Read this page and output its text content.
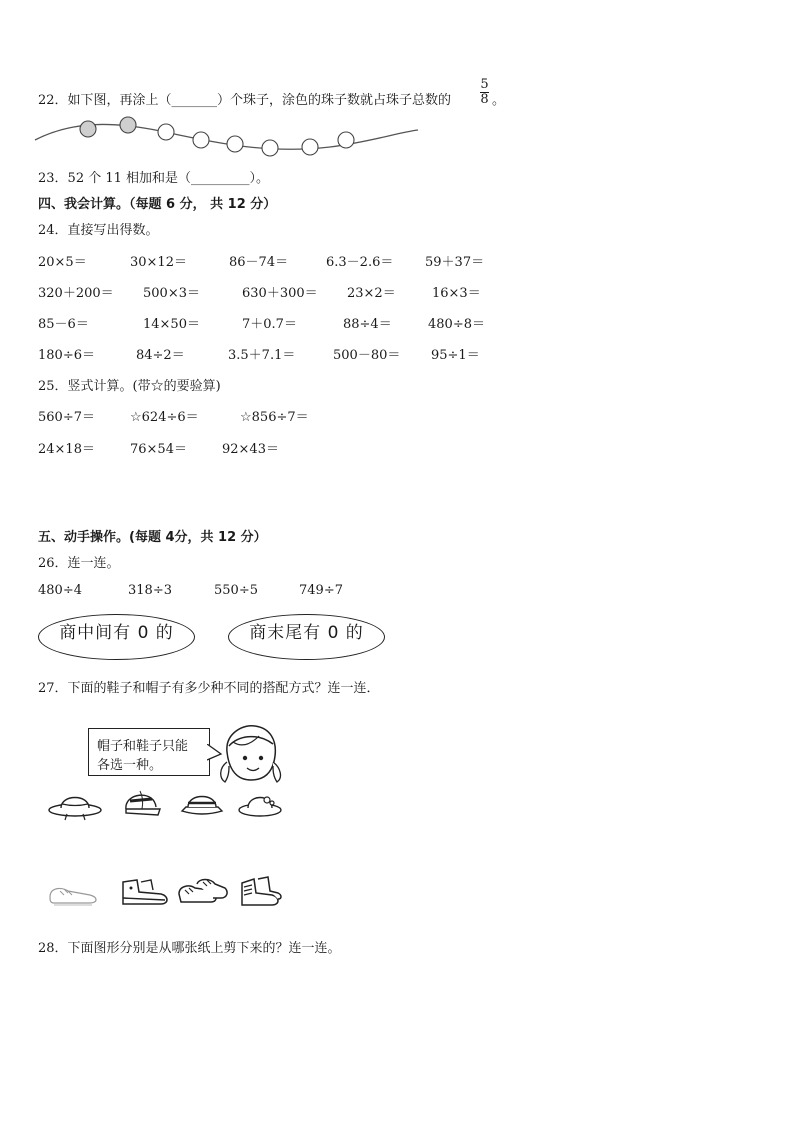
22．如下图，再涂上（_______）个珠子，涂色的珠子数就占珠子总数的
5
8 。
23．52 个 11 相加和是（_________）。
四、我会计算。（每题 6 分， 共 12 分）
24．直接写出得数。
20×5＝	30×12＝	86－74＝	6.3－2.6＝ 59＋37＝
320＋200＝ 500×3＝	630＋300＝ 23×2＝	16×3＝
85－6＝	14×50＝	7＋0.7＝	88÷4＝	480÷8＝
180÷6＝	84÷2＝	3.5＋7.1＝	500－80＝ 95÷1＝
25．竖式计算。(带☆的要验算)
560÷7＝	☆624÷6＝	☆856÷7＝
24×18＝	76×54＝	92×43＝
五、动手操作。(每题 4分，共 12 分）
26．连一连。
480÷4	318÷3	550÷5	749÷7
商中间有 0 的	商末尾有 0 的
27．下面的鞋子和帽子有多少种不同的搭配方式？连一连．
帽子和鞋子只能
各选一种。
28．下面图形分别是从哪张纸上剪下来的？连一连。
